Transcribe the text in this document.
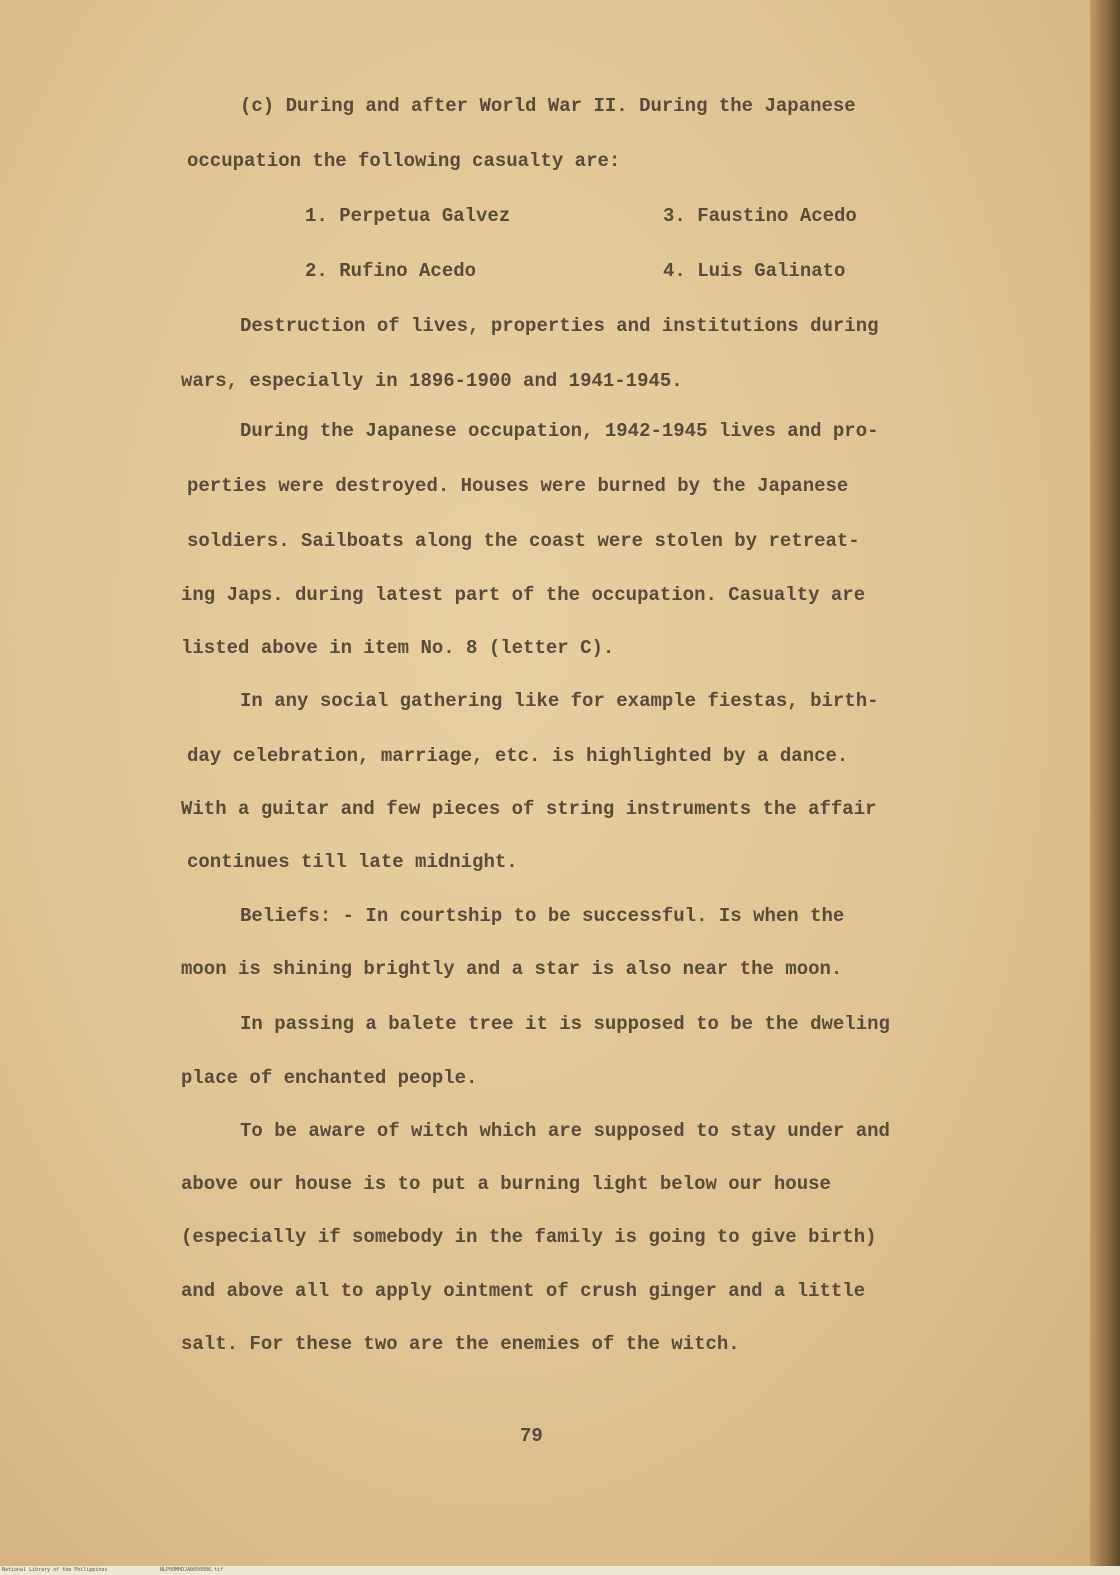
(c) During and after World War II. During the Japanese
occupation the following casualty are:
1. Perpetua Galvez	3. Faustino Acedo
2. Rufino Acedo	4. Luis Galinato
Destruction of lives, properties and institutions during
wars, especially in 1896-1900 and 1941-1945.
During the Japanese occupation, 1942-1945 lives and pro-
perties were destroyed. Houses were burned by the Japanese
soldiers. Sailboats along the coast were stolen by retreat-
ing Japs. during latest part of the occupation. Casualty are
listed above in item No. 8 (letter C).
In any social gathering like for example fiestas, birth-
day celebration, marriage, etc. is highlighted by a dance.
With a guitar and few pieces of string instruments the affair
continues till late midnight.
Beliefs: - In courtship to be successful. Is when the
moon is shining brightly and a star is also near the moon.
In passing a balete tree it is supposed to be the dweling
place of enchanted people.
To be aware of witch which are supposed to stay under and
above our house is to put a burning light below our house
(especially if somebody in the family is going to give birth)
and above all to apply ointment of crush ginger and a little
salt. For these two are the enemies of the witch.
79
National Library of the Philippines	NLP00MHDJAB050086.tif
